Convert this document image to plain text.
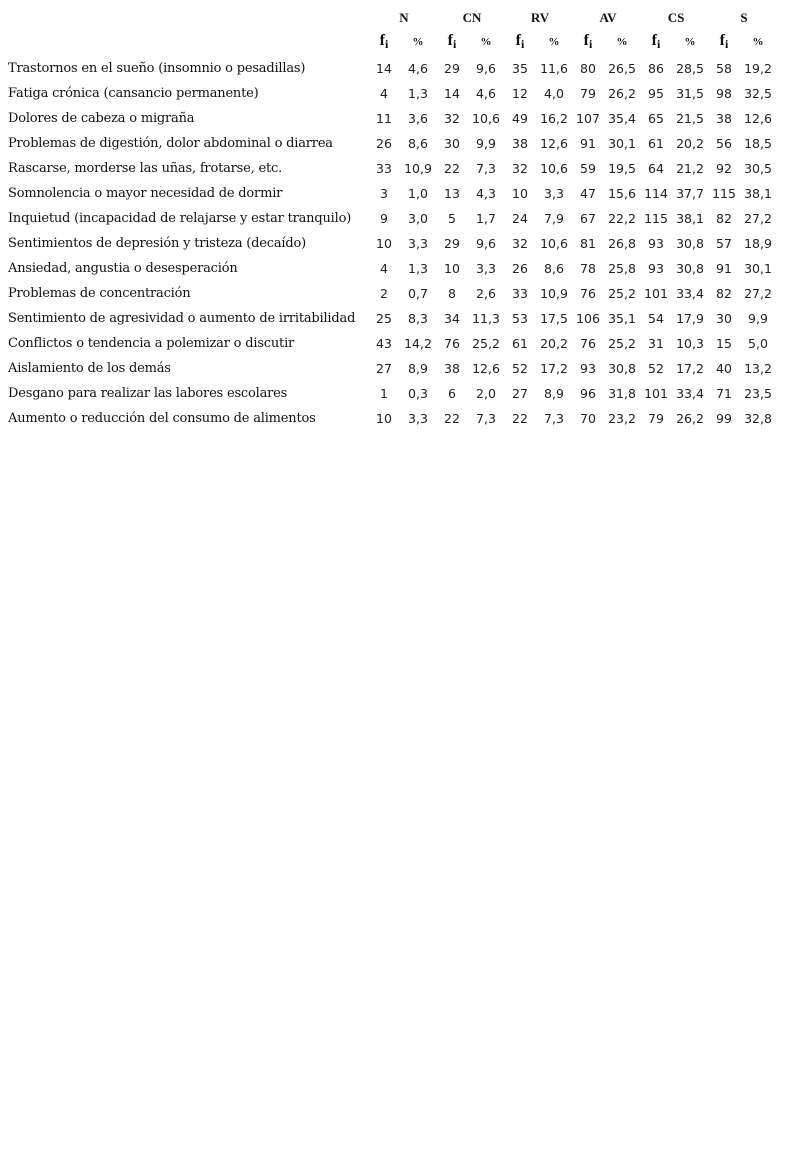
	N		CN		RV		AV		CS		S	
	$f_i$	%	$f_i$	%	$f_i$	%	$f_i$	%	$f_i$	%	$f_i$	%
Trastornos en el sueño (insomnio o pesadillas)	14	4,6	29	9,6	35	11,6	80	26,5	86	28,5	58	19,2
Fatiga crónica (cansancio permanente)	4	1,3	14	4,6	12	4,0	79	26,2	95	31,5	98	32,5
Dolores de cabeza o migraña	11	3,6	32	10,6	49	16,2	107	35,4	65	21,5	38	12,6
Problemas de digestión, dolor abdominal o diarrea	26	8,6	30	9,9	38	12,6	91	30,1	61	20,2	56	18,5
Rascarse, morderse las uñas, frotarse, etc.	33	10,9	22	7,3	32	10,6	59	19,5	64	21,2	92	30,5
Somnolencia o mayor necesidad de dormir	3	1,0	13	4,3	10	3,3	47	15,6	114	37,7	115	38,1
Inquietud (incapacidad de relajarse y estar tranquilo)	9	3,0	5	1,7	24	7,9	67	22,2	115	38,1	82	27,2
Sentimientos de depresión y tristeza (decaído)	10	3,3	29	9,6	32	10,6	81	26,8	93	30,8	57	18,9
Ansiedad, angustia o desesperación	4	1,3	10	3,3	26	8,6	78	25,8	93	30,8	91	30,1
Problemas de concentración	2	0,7	8	2,6	33	10,9	76	25,2	101	33,4	82	27,2
Sentimiento de agresividad o aumento de irritabilidad	25	8,3	34	11,3	53	17,5	106	35,1	54	17,9	30	9,9
Conflictos o tendencia a polemizar o discutir	43	14,2	76	25,2	61	20,2	76	25,2	31	10,3	15	5,0
Aislamiento de los demás	27	8,9	38	12,6	52	17,2	93	30,8	52	17,2	40	13,2
Desgano para realizar las labores escolares	1	0,3	6	2,0	27	8,9	96	31,8	101	33,4	71	23,5
Aumento o reducción del consumo de alimentos	10	3,3	22	7,3	22	7,3	70	23,2	79	26,2	99	32,8
